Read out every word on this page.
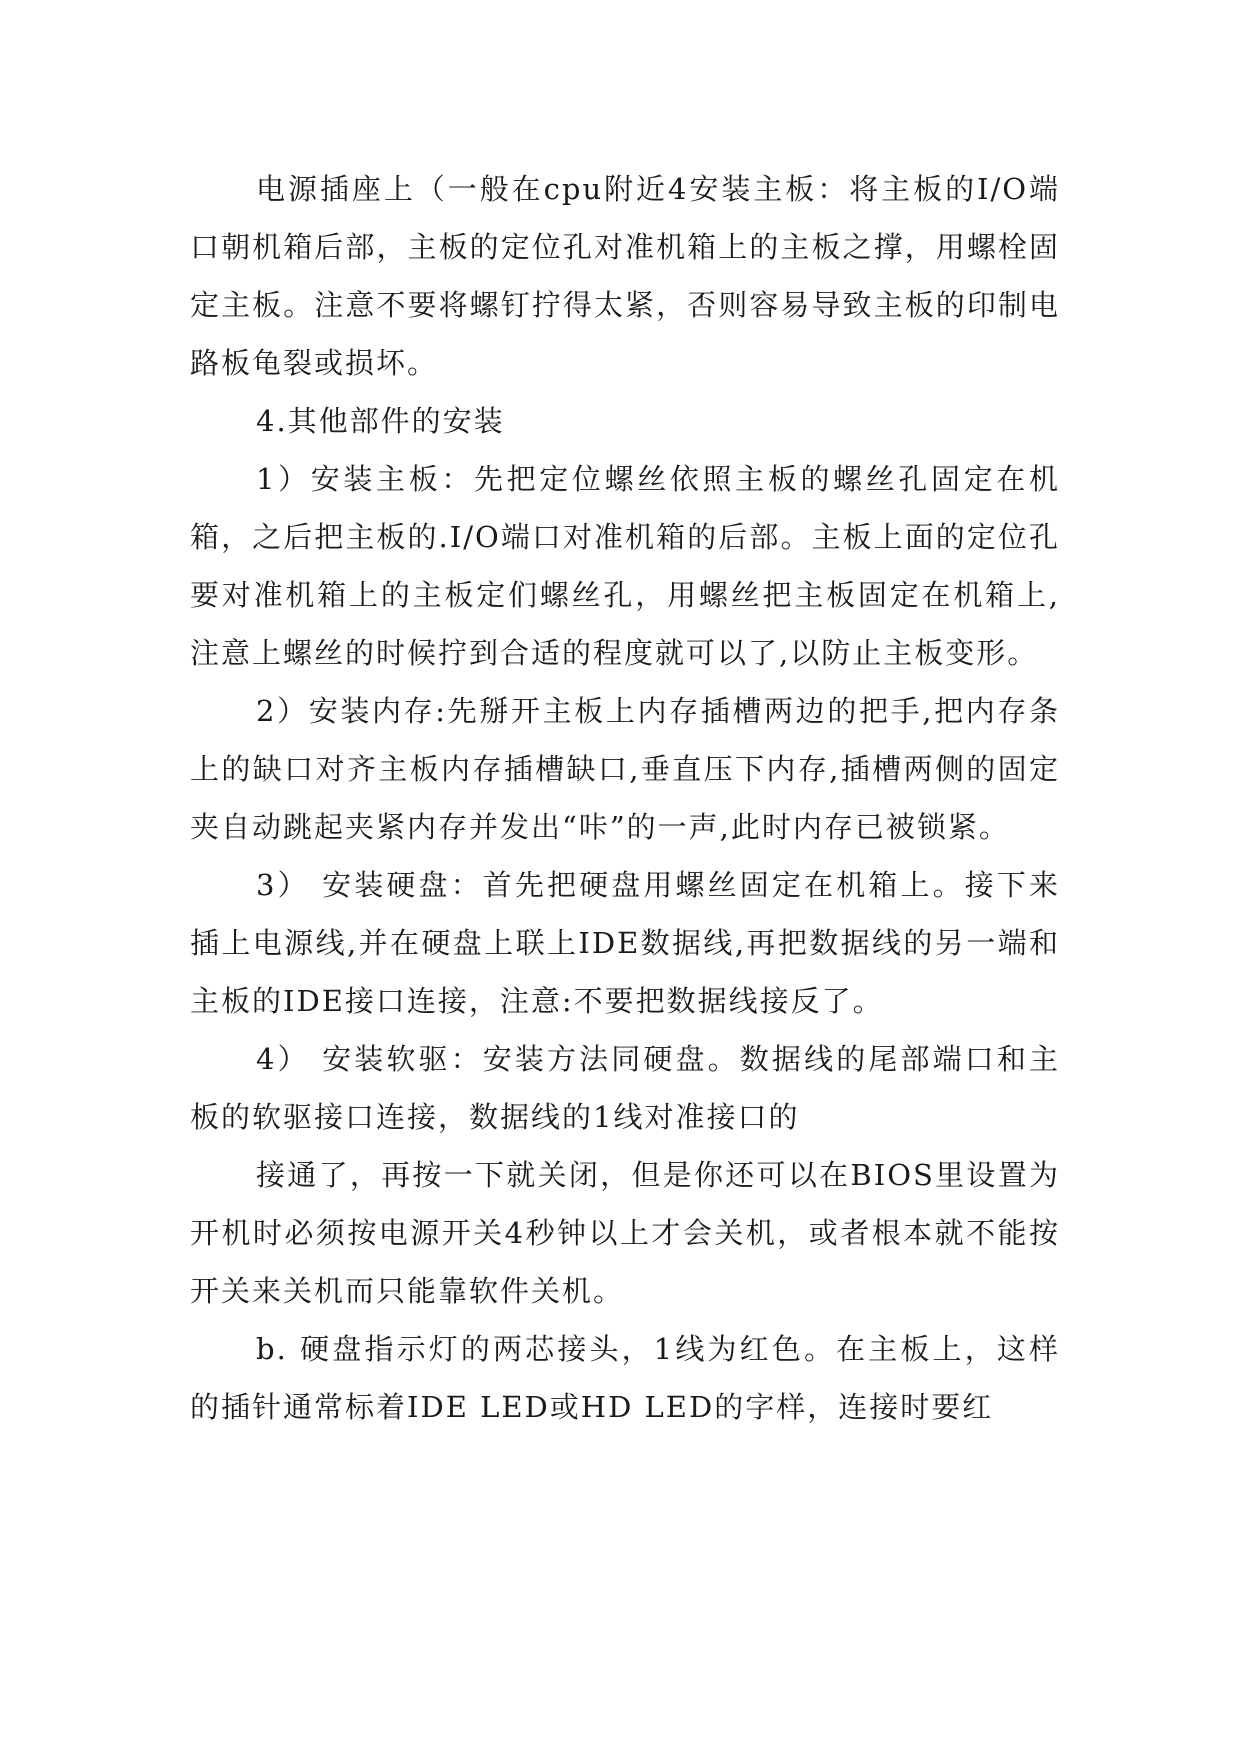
电源插座上（一般在cpu附近4安装主板：将主板的I/O端口朝机箱后部，主板的定位孔对准机箱上的主板之撑，用螺栓固定主板。注意不要将螺钉拧得太紧，否则容易导致主板的印制电路板龟裂或损坏。

4.其他部件的安装

1）安装主板：先把定位螺丝依照主板的螺丝孔固定在机箱，之后把主板的.I/O端口对准机箱的后部。主板上面的定位孔要对准机箱上的主板定们螺丝孔，用螺丝把主板固定在机箱上,注意上螺丝的时候拧到合适的程度就可以了,以防止主板变形。

2）安装内存:先掰开主板上内存插槽两边的把手,把内存条上的缺口对齐主板内存插槽缺口,垂直压下内存,插槽两侧的固定夹自动跳起夹紧内存并发出“咔”的一声,此时内存已被锁紧。

3） 安装硬盘：首先把硬盘用螺丝固定在机箱上。接下来插上电源线,并在硬盘上联上IDE数据线,再把数据线的另一端和主板的IDE接口连接，注意:不要把数据线接反了。

4） 安装软驱：安装方法同硬盘。数据线的尾部端口和主板的软驱接口连接，数据线的1线对准接口的

接通了，再按一下就关闭，但是你还可以在BIOS里设置为开机时必须按电源开关4秒钟以上才会关机，或者根本就不能按开关来关机而只能靠软件关机。

b. 硬盘指示灯的两芯接头，1线为红色。在主板上，这样的插针通常标着IDE LED或HD LED的字样，连接时要红
